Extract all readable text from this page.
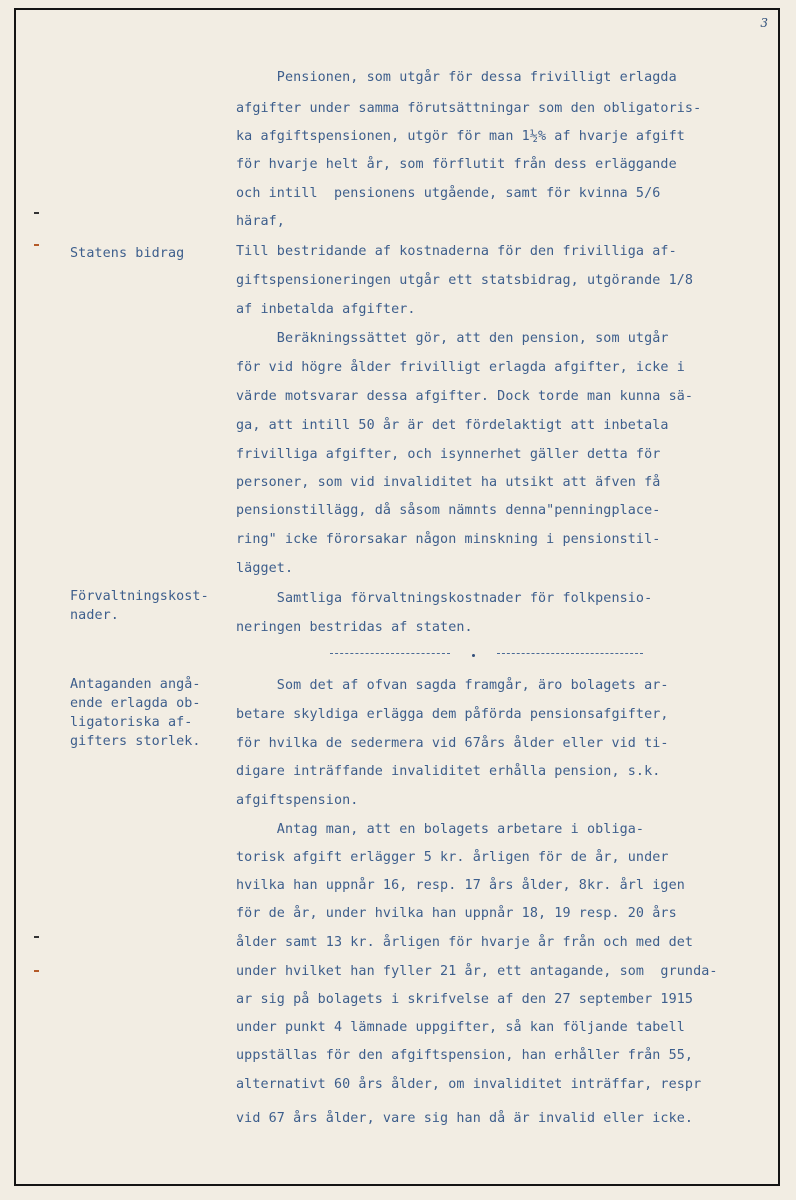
3
Statens bidrag
Förvaltningskost-
nader.
Antaganden angå-
ende erlagda ob-
ligatoriska af-
gifters storlek.
Pensionen, som utgår för dessa frivilligt erlagda
afgifter under samma förutsättningar som den obligatoris-
ka afgiftspensionen, utgör för man 1½% af hvarje afgift
för hvarje helt år, som förflutit från dess erläggande
och intill  pensionens utgående, samt för kvinna 5/6
häraf,
Till bestridande af kostnaderna för den frivilliga af-
giftspensioneringen utgår ett statsbidrag, utgörande 1/8
af inbetalda afgifter.
Beräkningssättet gör, att den pension, som utgår
för vid högre ålder frivilligt erlagda afgifter, icke i
värde motsvarar dessa afgifter. Dock torde man kunna sä-
ga, att intill 50 år är det fördelaktigt att inbetala
frivilliga afgifter, och isynnerhet gäller detta för
personer, som vid invaliditet ha utsikt att äfven få
pensionstillägg, då såsom nämnts denna"penningplace-
ring" icke förorsakar någon minskning i pensionstil-
lägget.
Samtliga förvaltningskostnader för folkpensio-
neringen bestridas af staten.
Som det af ofvan sagda framgår, äro bolagets ar-
betare skyldiga erlägga dem påförda pensionsafgifter,
för hvilka de sedermera vid 67års ålder eller vid ti-
digare inträffande invaliditet erhålla pension, s.k.
afgiftspension.
Antag man, att en bolagets arbetare i obliga-
torisk afgift erlägger 5 kr. årligen för de år, under
hvilka han uppnår 16, resp. 17 års ålder, 8kr. årl igen
för de år, under hvilka han uppnår 18, 19 resp. 20 års
ålder samt 13 kr. årligen för hvarje år från och med det
under hvilket han fyller 21 år, ett antagande, som  grunda-
ar sig på bolagets i skrifvelse af den 27 september 1915
under punkt 4 lämnade uppgifter, så kan följande tabell
uppställas för den afgiftspension, han erhåller från 55,
alternativt 60 års ålder, om invaliditet inträffar, respr
vid 67 års ålder, vare sig han då är invalid eller icke.
